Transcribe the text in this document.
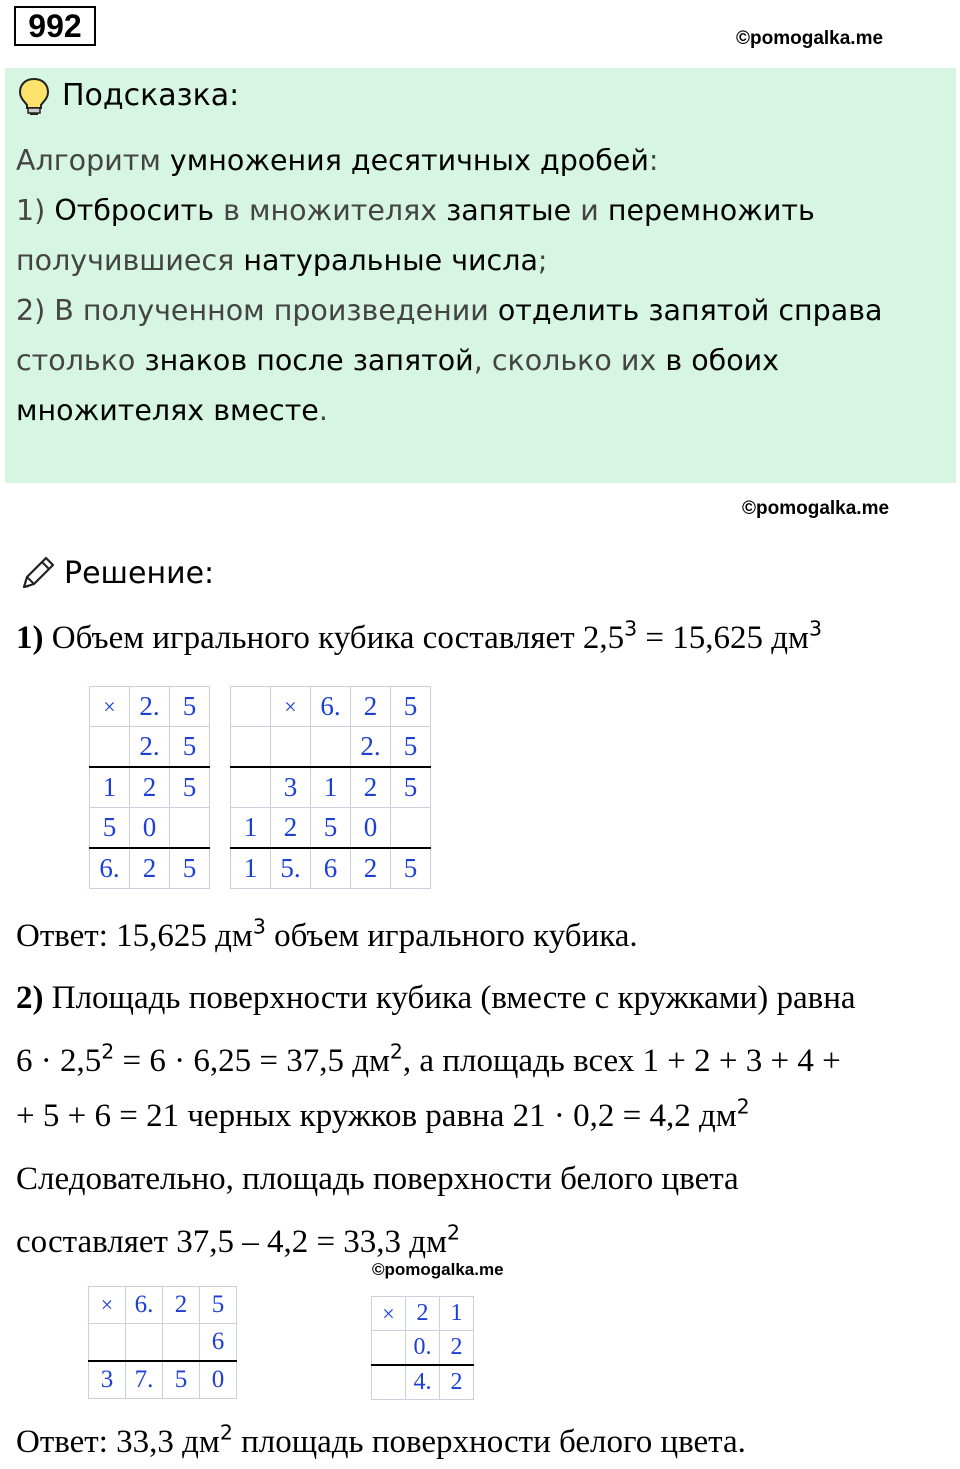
992	©pomogalka.me
Подсказка:
Алгоритм умножения десятичных дробей:
1) Отбросить в множителях запятые и перемножить
получившиеся натуральные числа;
2) В полученном произведении отделить запятой справа
столько знаков после запятой, сколько их в обоих
множителях вместе.
©pomogalka.me
Решение:
1) Объем игрального кубика составляет $2,5^3 = 15,625$ $дм^3$
×	2.	5
	2.	5
1	2	5
5	0	
6.	2	5
	×	6.	2	5
			2.	5
	3	1	2	5
1	2	5	0	
1	5.	6	2	5
Ответ: 15,625 $дм^3$ объем игрального кубика.
2) Площадь поверхности кубика (вместе с кружками) равна
$6 \cdot 2,5^2 = 6 \cdot 6,25 = 37,5$ $дм^2$, а площадь всех 1 + 2 + 3 + 4 +
+ 5 + 6 = 21 черных кружков равна 21 · 0,2 = 4,2 $дм^2$
Следовательно, площадь поверхности белого цвета
составляет 37,5 – 4,2 = 33,3 $дм^2$
©pomogalka.me
×	6.	2	5
			6
3	7.	5	0
×	2	1
	0.	2
	4.	2
Ответ: 33,3 $дм^2$ площадь поверхности белого цвета.
